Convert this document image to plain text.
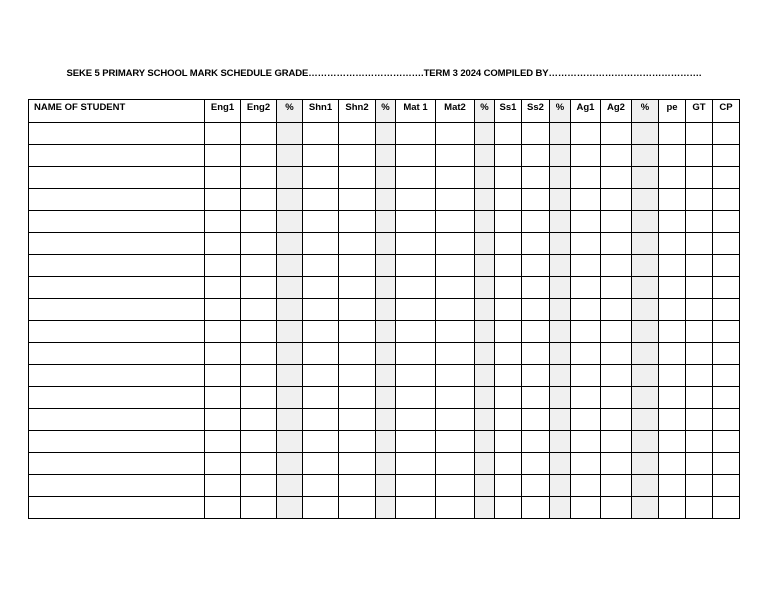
SEKE 5 PRIMARY SCHOOL MARK SCHEDULE GRADE……………………………….TERM 3 2024 COMPILED BY………………………………………….
NAME OF STUDENT	Eng1	Eng2	%	Shn1	Shn2	%	Mat 1	Mat2	%	Ss1	Ss2	%	Ag1	Ag2	%	pe	GT	CP
